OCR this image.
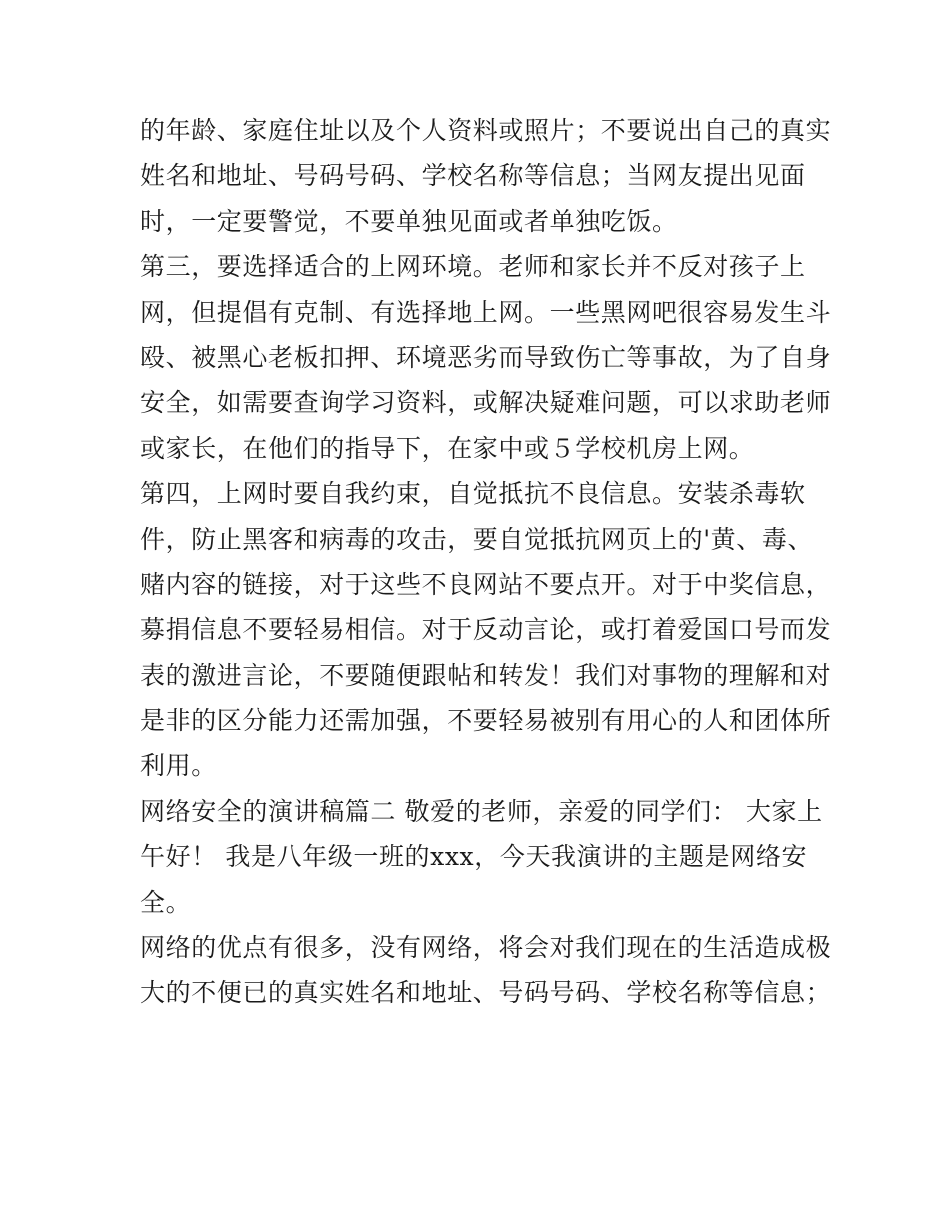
的年龄、家庭住址以及个人资料或照片；不要说出自己的真实
姓名和地址、号码号码、学校名称等信息；当网友提出见面
时，一定要警觉，不要单独见面或者单独吃饭。
第三，要选择适合的上网环境。老师和家长并不反对孩子上
网，但提倡有克制、有选择地上网。一些黑网吧很容易发生斗
殴、被黑心老板扣押、环境恶劣而导致伤亡等事故，为了自身
安全，如需要查询学习资料，或解决疑难问题，可以求助老师
或家长，在他们的指导下，在家中或５学校机房上网。
第四，上网时要自我约束，自觉抵抗不良信息。安装杀毒软
件，防止黑客和病毒的攻击，要自觉抵抗网页上的'黄、毒、
赌内容的链接，对于这些不良网站不要点开。对于中奖信息，
募捐信息不要轻易相信。对于反动言论，或打着爱国口号而发
表的激进言论，不要随便跟帖和转发！我们对事物的理解和对
是非的区分能力还需加强，不要轻易被别有用心的人和团体所
利用。
网络安全的演讲稿篇二 敬爱的老师，亲爱的同学们： 大家上
午好！ 我是八年级一班的xxx，今天我演讲的主题是网络安
全。
网络的优点有很多，没有网络，将会对我们现在的生活造成极
大的不便已的真实姓名和地址、号码号码、学校名称等信息；
